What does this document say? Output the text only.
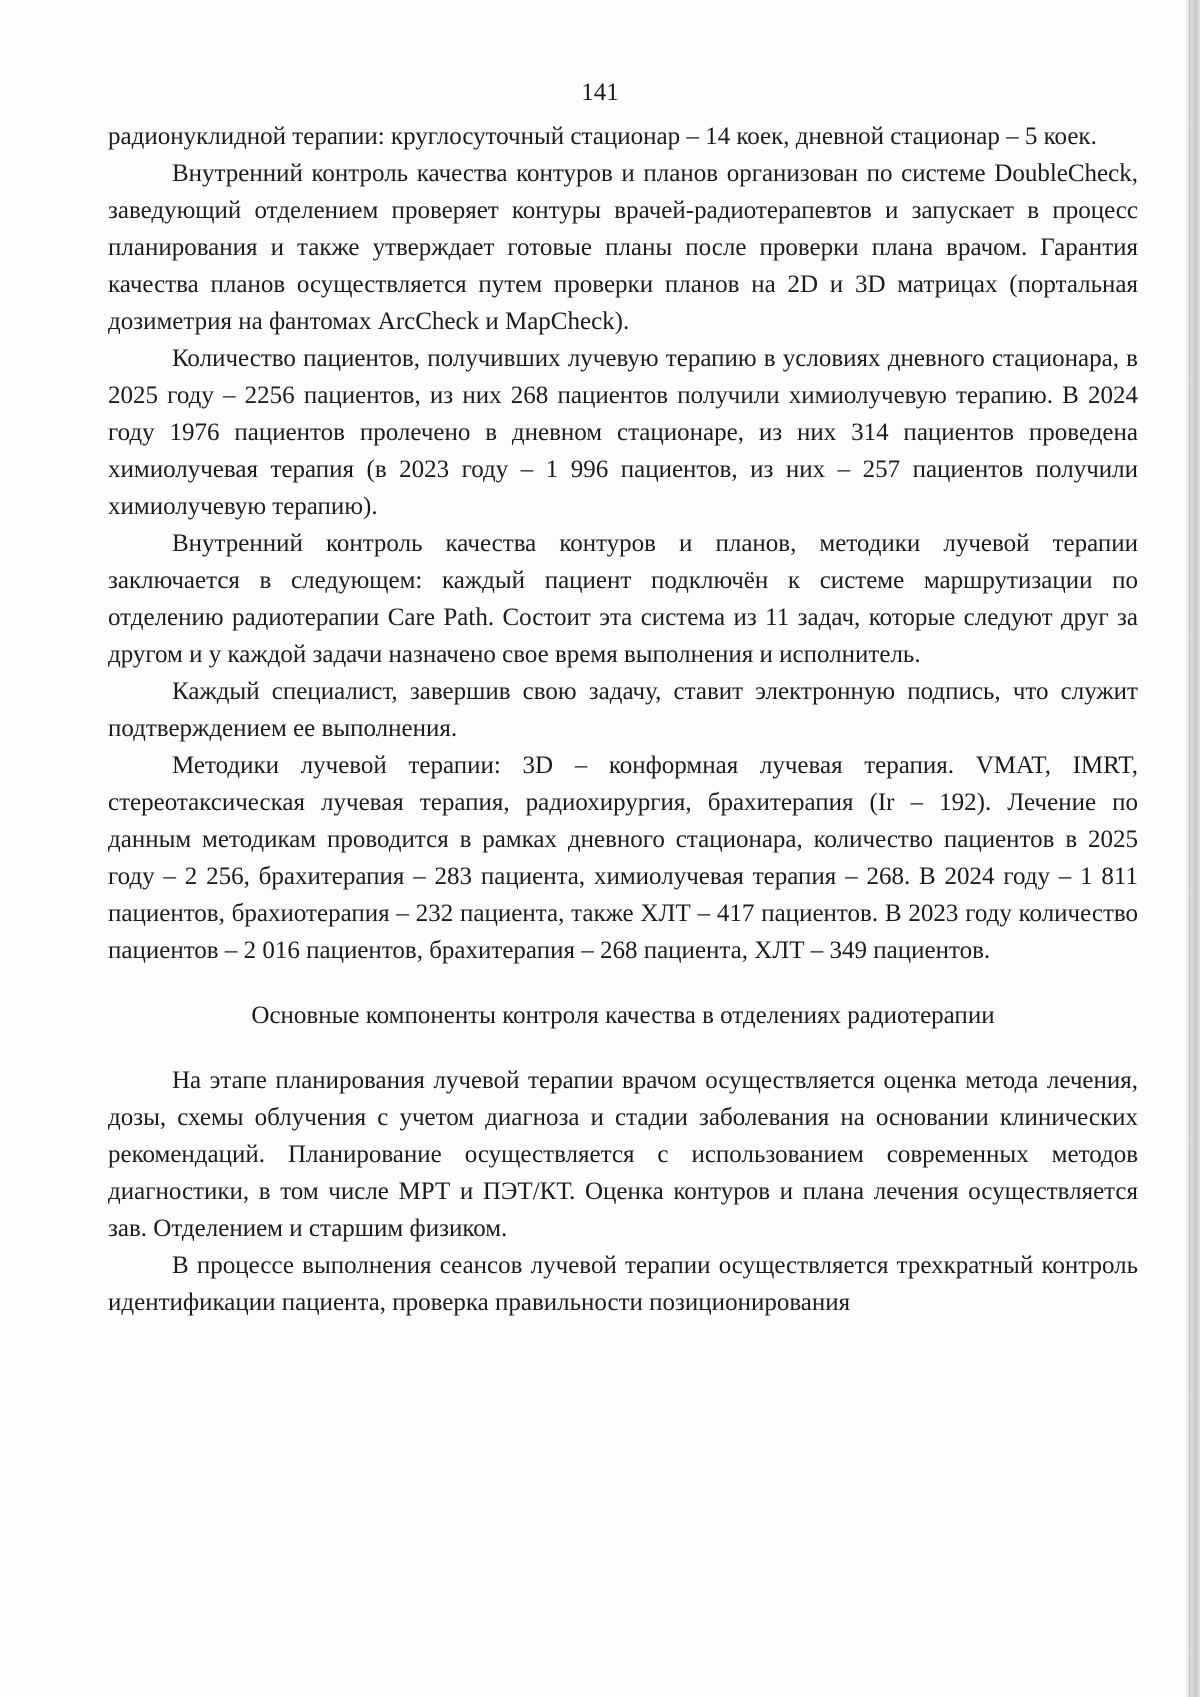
141

радионуклидной терапии: круглосуточный стационар – 14 коек, дневной стационар – 5 коек.

Внутренний контроль качества контуров и планов организован по системе DoubleCheck, заведующий отделением проверяет контуры врачей-радиотерапевтов и запускает в процесс планирования и также утверждает готовые планы после проверки плана врачом. Гарантия качества планов осуществляется путем проверки планов на 2D и 3D матрицах (портальная дозиметрия на фантомах ArcCheck и MapCheck).

Количество пациентов, получивших лучевую терапию в условиях дневного стационара, в 2025 году – 2256 пациентов, из них 268 пациентов получили химиолучевую терапию. В 2024 году 1976 пациентов пролечено в дневном стационаре, из них 314 пациентов проведена химиолучевая терапия (в 2023 году – 1 996 пациентов, из них – 257 пациентов получили химиолучевую терапию).

Внутренний контроль качества контуров и планов, методики лучевой терапии заключается в следующем: каждый пациент подключён к системе маршрутизации по отделению радиотерапии Care Path. Состоит эта система из 11 задач, которые следуют друг за другом и у каждой задачи назначено свое время выполнения и исполнитель.

Каждый специалист, завершив свою задачу, ставит электронную подпись, что служит подтверждением ее выполнения.

Методики лучевой терапии: 3D – конформная лучевая терапия. VMAT, IMRT, стереотаксическая лучевая терапия, радиохирургия, брахитерапия (Ir – 192). Лечение по данным методикам проводится в рамках дневного стационара, количество пациентов в 2025 году – 2 256, брахитерапия – 283 пациента, химиолучевая терапия – 268. В 2024 году – 1 811 пациентов, брахиотерапия – 232 пациента, также ХЛТ – 417 пациентов. В 2023 году количество пациентов – 2 016 пациентов, брахитерапия – 268 пациента, ХЛТ – 349 пациентов.

Основные компоненты контроля качества в отделениях радиотерапии

На этапе планирования лучевой терапии врачом осуществляется оценка метода лечения, дозы, схемы облучения с учетом диагноза и стадии заболевания на основании клинических рекомендаций. Планирование осуществляется с использованием современных методов диагностики, в том числе МРТ и ПЭТ/КТ. Оценка контуров и плана лечения осуществляется зав. Отделением и старшим физиком.

В процессе выполнения сеансов лучевой терапии осуществляется трехкратный контроль идентификации пациента, проверка правильности позиционирования
